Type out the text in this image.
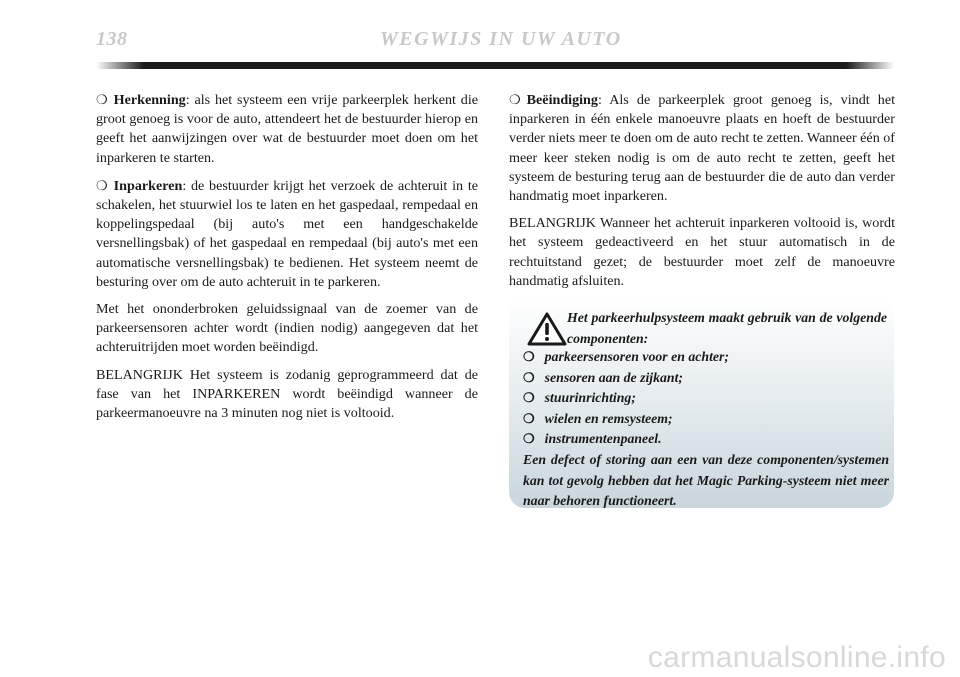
138	WEGWIJS IN UW AUTO

❍ Herkenning: als het systeem een vrije parkeerplek herkent die groot genoeg is voor de auto, attendeert het de bestuurder hierop en geeft het aanwijzingen over wat de bestuurder moet doen om het inparkeren te starten.

❍ Inparkeren: de bestuurder krijgt het verzoek de achteruit in te schakelen, het stuurwiel los te laten en het gaspedaal, rempedaal en koppelingspedaal (bij auto's met een handgeschakelde versnellingsbak) of het gaspedaal en rempedaal (bij auto's met een automatische versnellingsbak) te bedienen. Het systeem neemt de besturing over om de auto achteruit in te parkeren.

Met het ononderbroken geluidssignaal van de zoemer van de parkeersensoren achter wordt (indien nodig) aangegeven dat het achteruitrijden moet worden beëindigd.

BELANGRIJK Het systeem is zodanig geprogrammeerd dat de fase van het INPARKEREN wordt beëindigd wanneer de parkeermanoeuvre na 3 minuten nog niet is voltooid.

❍ Beëindiging: Als de parkeerplek groot genoeg is, vindt het inparkeren in één enkele manoeuvre plaats en hoeft de bestuurder verder niets meer te doen om de auto recht te zetten. Wanneer één of meer keer steken nodig is om de auto recht te zetten, geeft het systeem de besturing terug aan de bestuurder die de auto dan verder handmatig moet inparkeren.

BELANGRIJK Wanneer het achteruit inparkeren voltooid is, wordt het systeem gedeactiveerd en het stuur automatisch in de rechtuitstand gezet; de bestuurder moet zelf de manoeuvre handmatig afsluiten.

Het parkeerhulpsysteem maakt gebruik van de volgende componenten:
❍ parkeersensoren voor en achter;
❍ sensoren aan de zijkant;
❍ stuurinrichting;
❍ wielen en remsysteem;
❍ instrumentenpaneel.
Een defect of storing aan een van deze componenten/systemen kan tot gevolg hebben dat het Magic Parking-systeem niet meer naar behoren functioneert.
carmanualsonline.info
